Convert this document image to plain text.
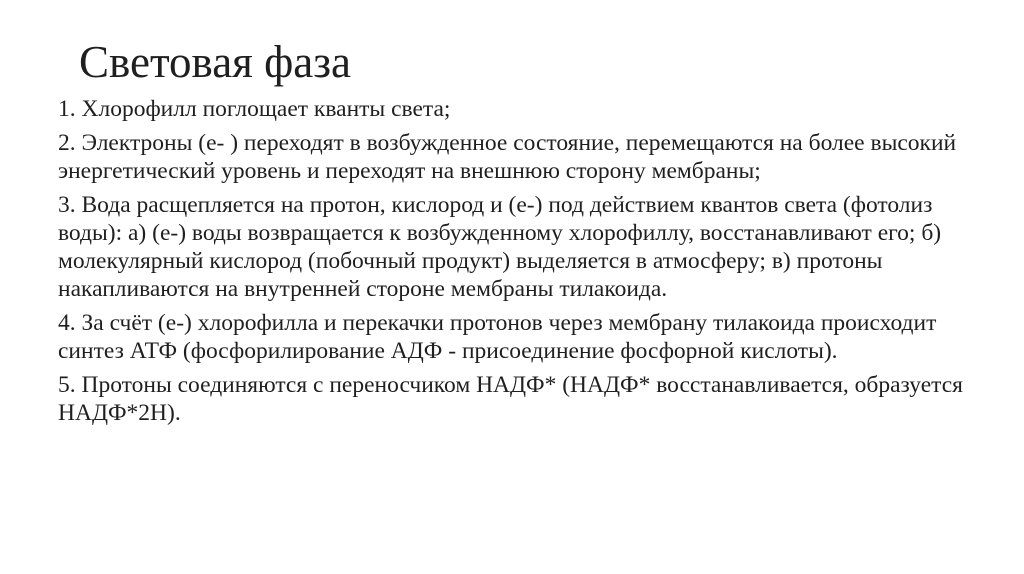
Световая фаза
1. Хлорофилл поглощает кванты света;
2. Электроны (е- ) переходят в возбужденное состояние, перемещаются на более высокий энергетический уровень и переходят на внешнюю сторону мембраны;
3. Вода расщепляется на протон, кислород и (е-) под действием квантов света (фотолиз воды): а) (е-) воды возвращается к возбужденному хлорофиллу, восстанавливают его; б) молекулярный кислород (побочный продукт) выделяется в атмосферу; в) протоны накапливаются на внутренней стороне мембраны тилакоида.
4. За счёт (е-) хлорофилла и перекачки протонов через мембрану тилакоида происходит синтез АТФ (фосфорилирование АДФ - присоединение фосфорной кислоты).
5. Протоны соединяются с переносчиком НАДФ* (НАДФ* восстанавливается, образуется НАДФ*2Н).
